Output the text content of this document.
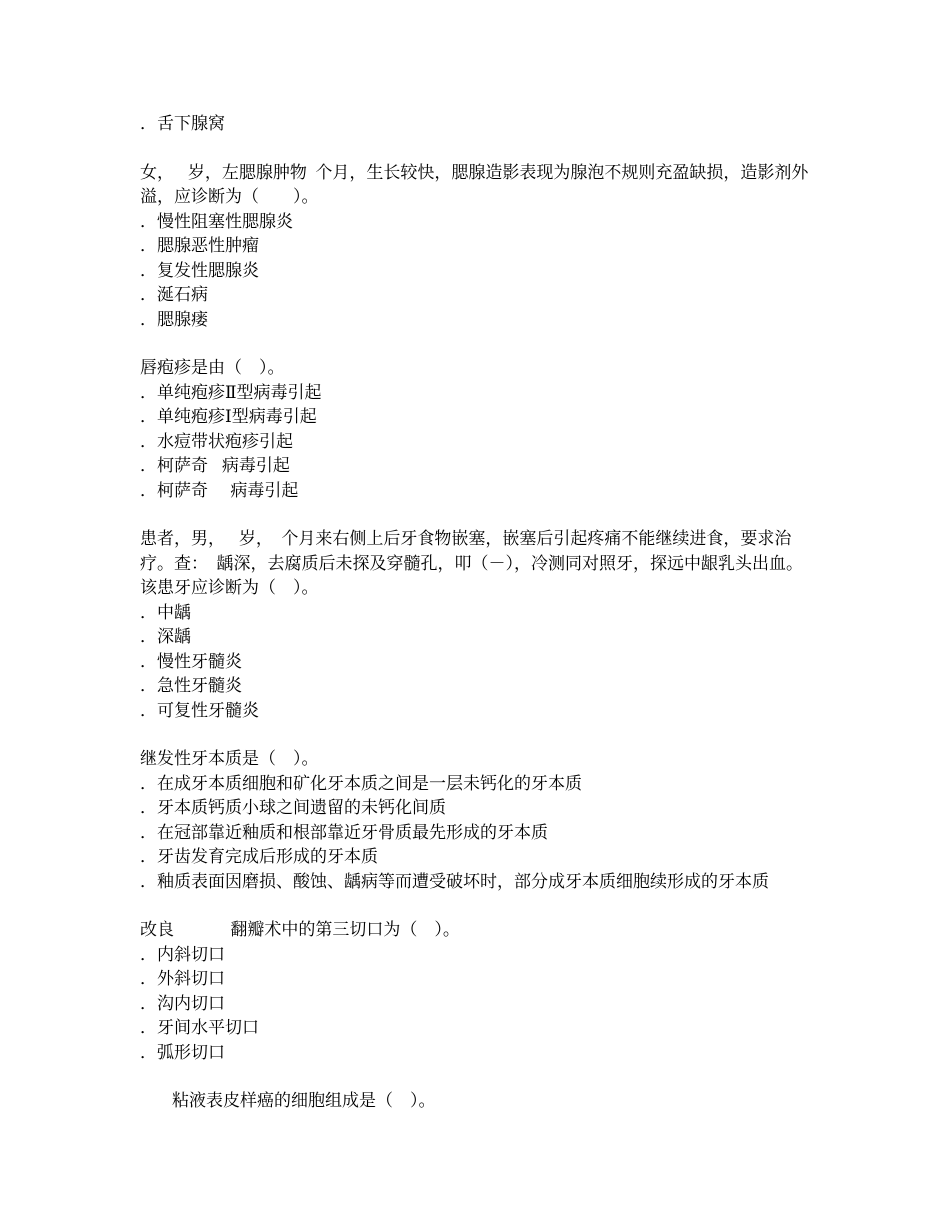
．舌下腺窝
女，　 岁，左腮腺肿物 个月，生长较快，腮腺造影表现为腺泡不规则充盈缺损，造影剂外溢，应诊断为（　　）。
．慢性阻塞性腮腺炎
．腮腺恶性肿瘤
．复发性腮腺炎
．涎石病
．腮腺瘘
唇疱疹是由（　）。
．单纯疱疹Ⅱ型病毒引起
．单纯疱疹Ⅰ型病毒引起
．水痘带状疱疹引起
．柯萨奇  病毒引起
．柯萨奇　 病毒引起
患者，男，　 岁， 个月来右侧上后牙食物嵌塞，嵌塞后引起疼痛不能继续进食，要求治疗。查： 龋深，去腐质后未探及穿髓孔，叩（－），冷测同对照牙，探远中龈乳头出血。该患牙应诊断为（　）。
．中龋
．深龋
．慢性牙髓炎
．急性牙髓炎
．可复性牙髓炎
继发性牙本质是（　）。
．在成牙本质细胞和矿化牙本质之间是一层未钙化的牙本质
．牙本质钙质小球之间遗留的未钙化间质
．在冠部靠近釉质和根部靠近牙骨质最先形成的牙本质
．牙齿发育完成后形成的牙本质
．釉质表面因磨损、酸蚀、龋病等而遭受破坏时，部分成牙本质细胞续形成的牙本质
改良　　　 翻瓣术中的第三切口为（　）。
．内斜切口
．外斜切口
．沟内切口
．牙间水平切口
．弧形切口
粘液表皮样癌的细胞组成是（　）。
